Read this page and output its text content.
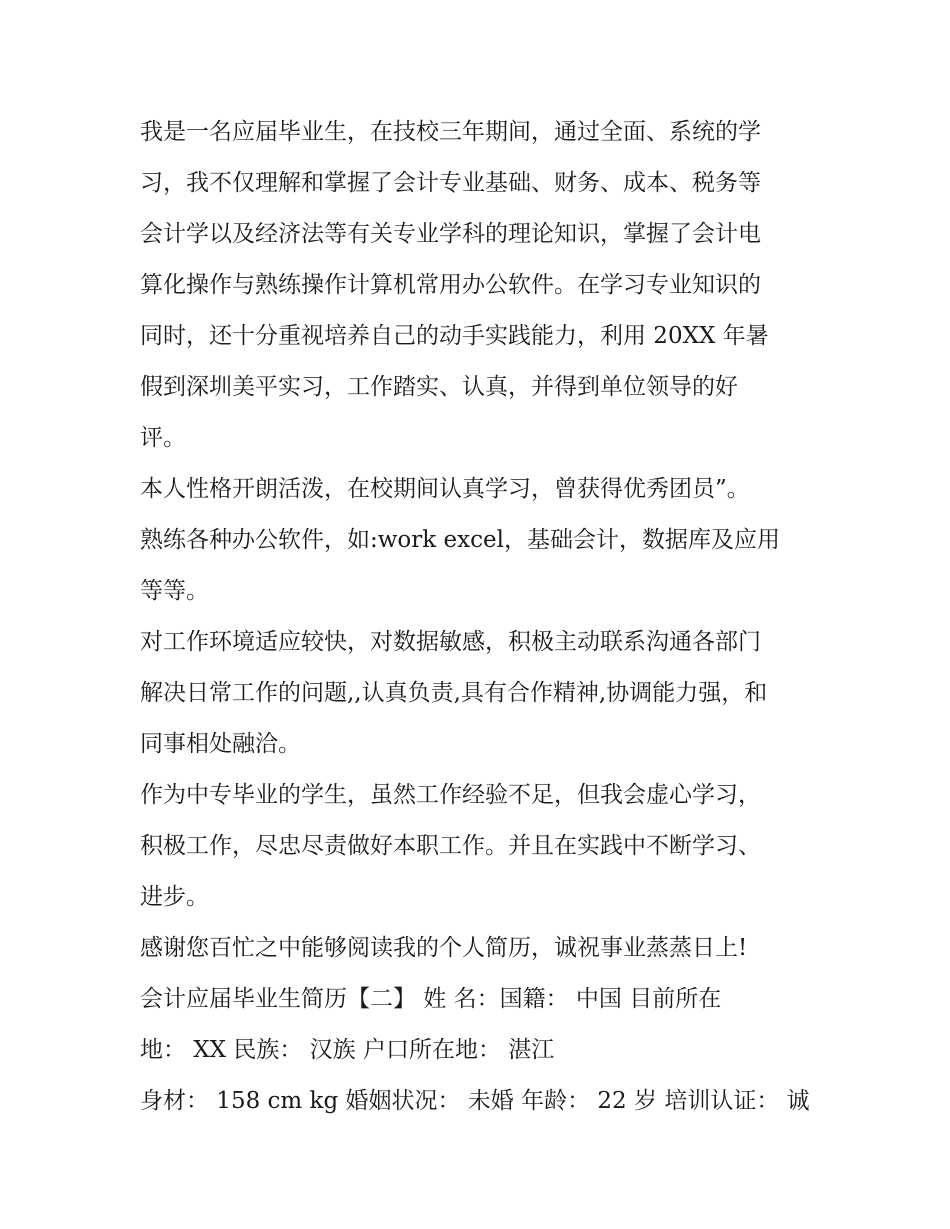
我是一名应届毕业生，在技校三年期间，通过全面、系统的学
习，我不仅理解和掌握了会计专业基础、财务、成本、税务等
会计学以及经济法等有关专业学科的理论知识，掌握了会计电
算化操作与熟练操作计算机常用办公软件。在学习专业知识的
同时，还十分重视培养自己的动手实践能力，利用 20XX 年暑
假到深圳美平实习，工作踏实、认真，并得到单位领导的好
评。
本人性格开朗活泼，在校期间认真学习，曾获得优秀团员”。
熟练各种办公软件，如:work excel，基础会计，数据库及应用
等等。
对工作环境适应较快，对数据敏感，积极主动联系沟通各部门
解决日常工作的问题,,认真负责,具有合作精神,协调能力强，和
同事相处融洽。
作为中专毕业的学生，虽然工作经验不足，但我会虚心学习，
积极工作，尽忠尽责做好本职工作。并且在实践中不断学习、
进步。
感谢您百忙之中能够阅读我的个人简历，诚祝事业蒸蒸日上!
会计应届毕业生简历【二】 姓 名：国籍： 中国 目前所在
地： XX 民族： 汉族 户口所在地： 湛江
身材： 158 cm kg 婚姻状况： 未婚 年龄： 22 岁 培训认证： 诚
